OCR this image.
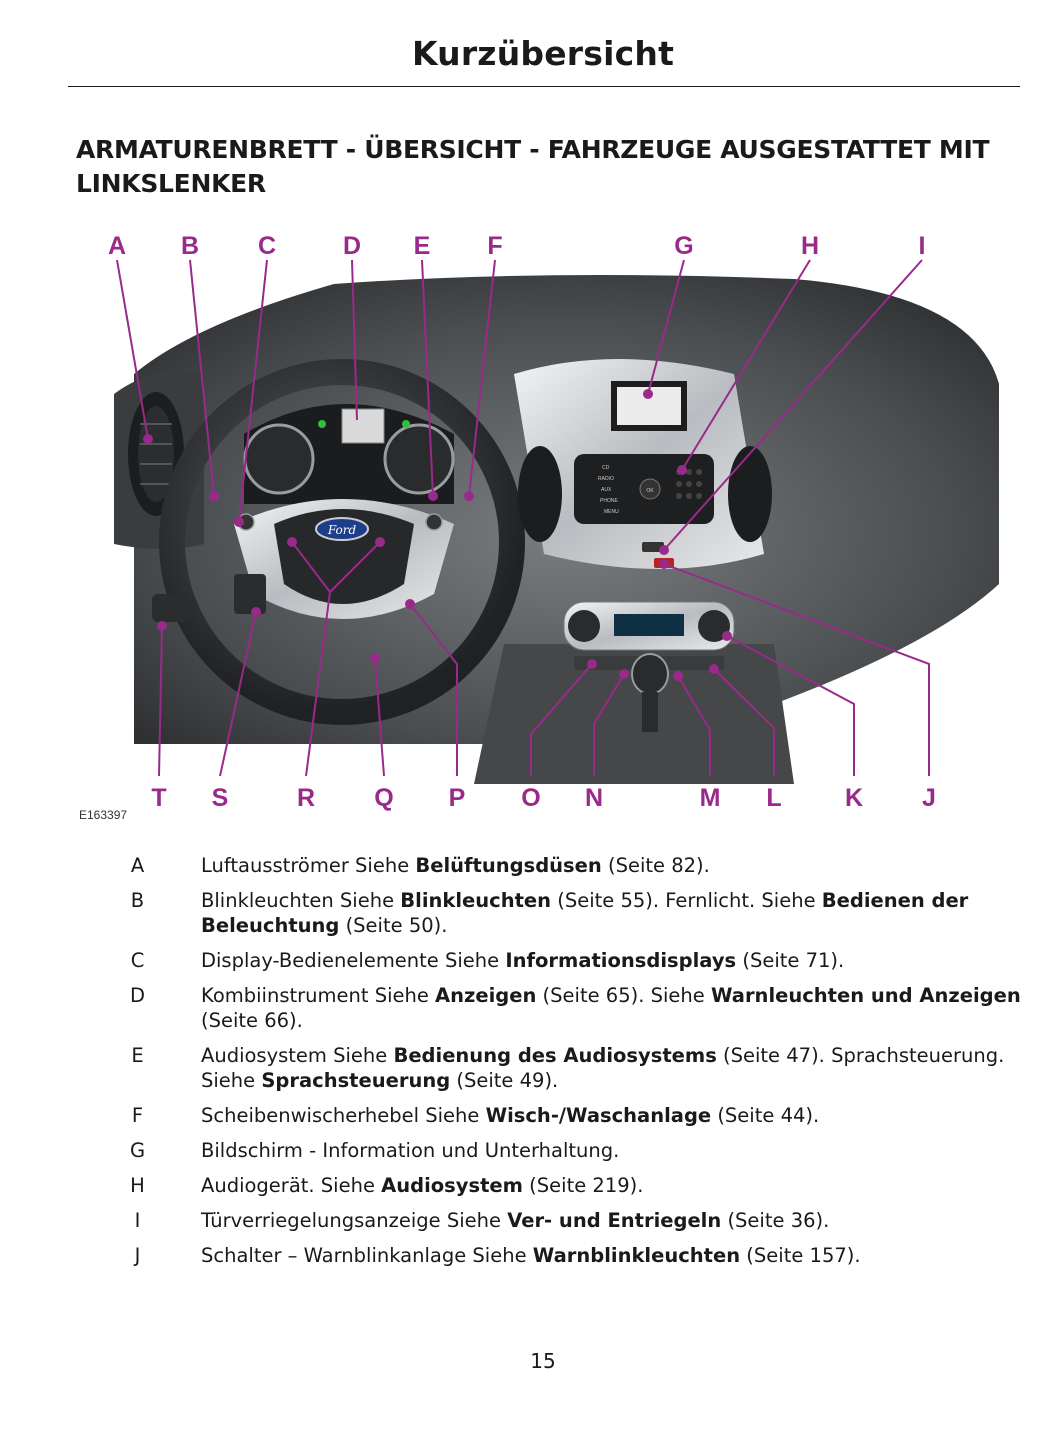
Kurzübersicht
ARMATURENBRETT - ÜBERSICHT - FAHRZEUGE AUSGESTATTET MIT LINKSLENKER
Ford
CD
RADIO
AUX
PHONE
MENU
OK
A B C	D E F	G	H	I
T S	R Q P O N	M L	K J
E163397
A	Luftausströmer Siehe Belüftungsdüsen (Seite 82).
B	Blinkleuchten Siehe Blinkleuchten (Seite 55). Fernlicht. Siehe Bedienen der Beleuchtung (Seite 50).
C	Display-Bedienelemente Siehe Informationsdisplays (Seite 71).
D	Kombiinstrument Siehe Anzeigen (Seite 65). Siehe Warnleuchten und Anzeigen (Seite 66).
E	Audiosystem Siehe Bedienung des Audiosystems (Seite 47). Sprachsteuerung. Siehe Sprachsteuerung (Seite 49).
F	Scheibenwischerhebel Siehe Wisch-/Waschanlage (Seite 44).
G	Bildschirm - Information und Unterhaltung.
H	Audiogerät. Siehe Audiosystem (Seite 219).
I	Türverriegelungsanzeige Siehe Ver- und Entriegeln (Seite 36).
J	Schalter – Warnblinkanlage Siehe Warnblinkleuchten (Seite 157).
15
